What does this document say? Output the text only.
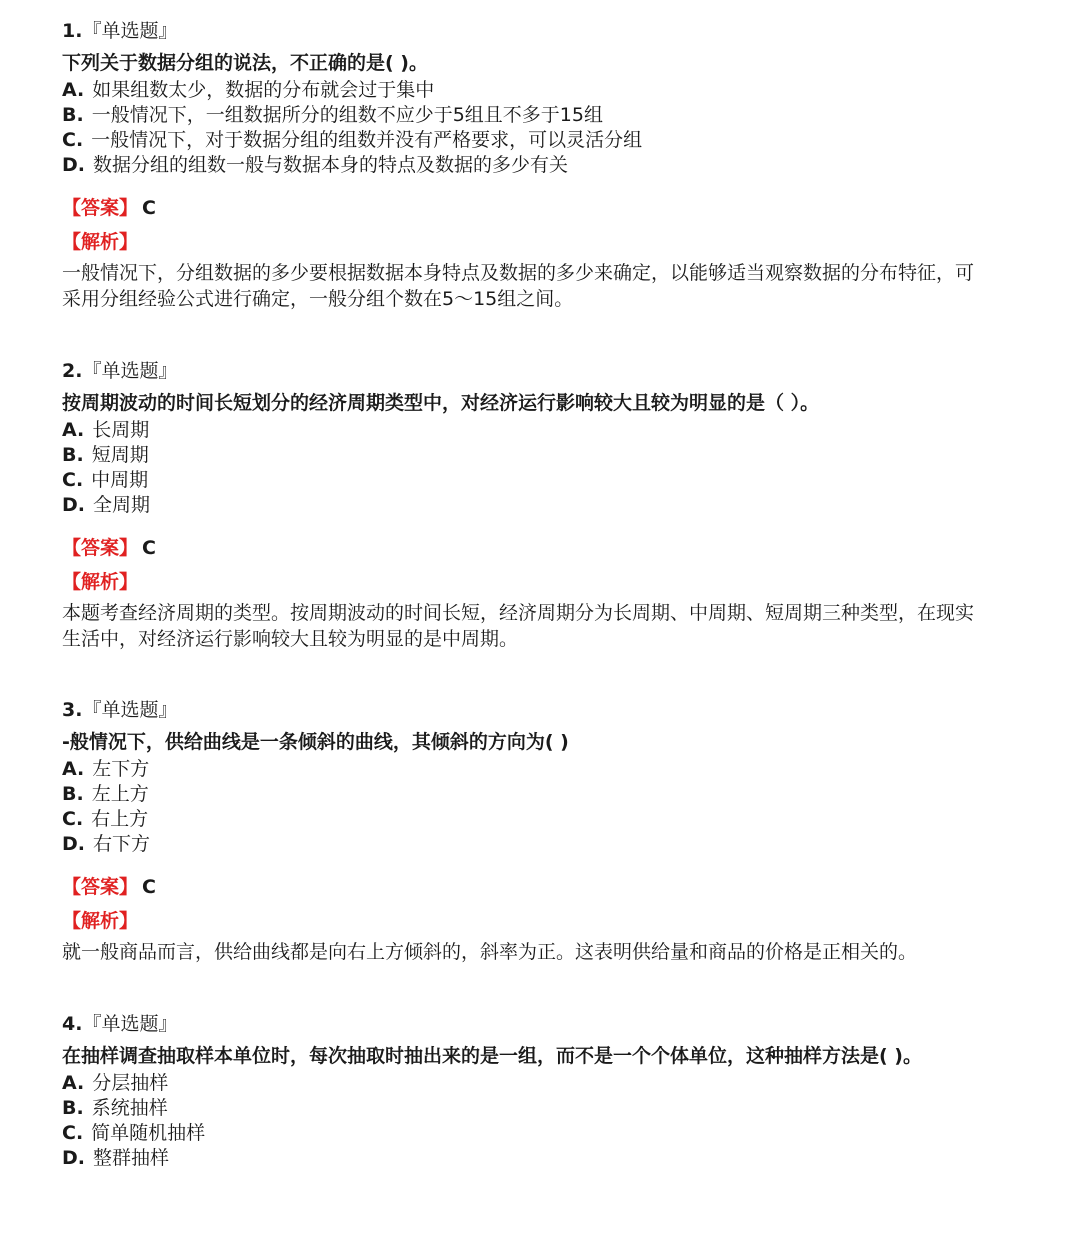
1.『单选题』
下列关于数据分组的说法，不正确的是( )。
A. 如果组数太少，数据的分布就会过于集中
B. 一般情况下，一组数据所分的组数不应少于5组且不多于15组
C. 一般情况下，对于数据分组的组数并没有严格要求，可以灵活分组
D. 数据分组的组数一般与数据本身的特点及数据的多少有关
【答案】 C
【解析】
一般情况下，分组数据的多少要根据数据本身特点及数据的多少来确定，以能够适当观察数据的分布特征，可采用分组经验公式进行确定，一般分组个数在5～15组之间。
2.『单选题』
按周期波动的时间长短划分的经济周期类型中，对经济运行影响较大且较为明显的是（ ）。
A. 长周期
B. 短周期
C. 中周期
D. 全周期
【答案】 C
【解析】
本题考查经济周期的类型。按周期波动的时间长短，经济周期分为长周期、中周期、短周期三种类型，在现实生活中，对经济运行影响较大且较为明显的是中周期。
3.『单选题』
-般情况下，供给曲线是一条倾斜的曲线，其倾斜的方向为( )
A. 左下方
B. 左上方
C. 右上方
D. 右下方
【答案】 C
【解析】
就一般商品而言，供给曲线都是向右上方倾斜的，斜率为正。这表明供给量和商品的价格是正相关的。
4.『单选题』
在抽样调查抽取样本单位时，每次抽取时抽出来的是一组，而不是一个个体单位，这种抽样方法是( )。
A. 分层抽样
B. 系统抽样
C. 简单随机抽样
D. 整群抽样
